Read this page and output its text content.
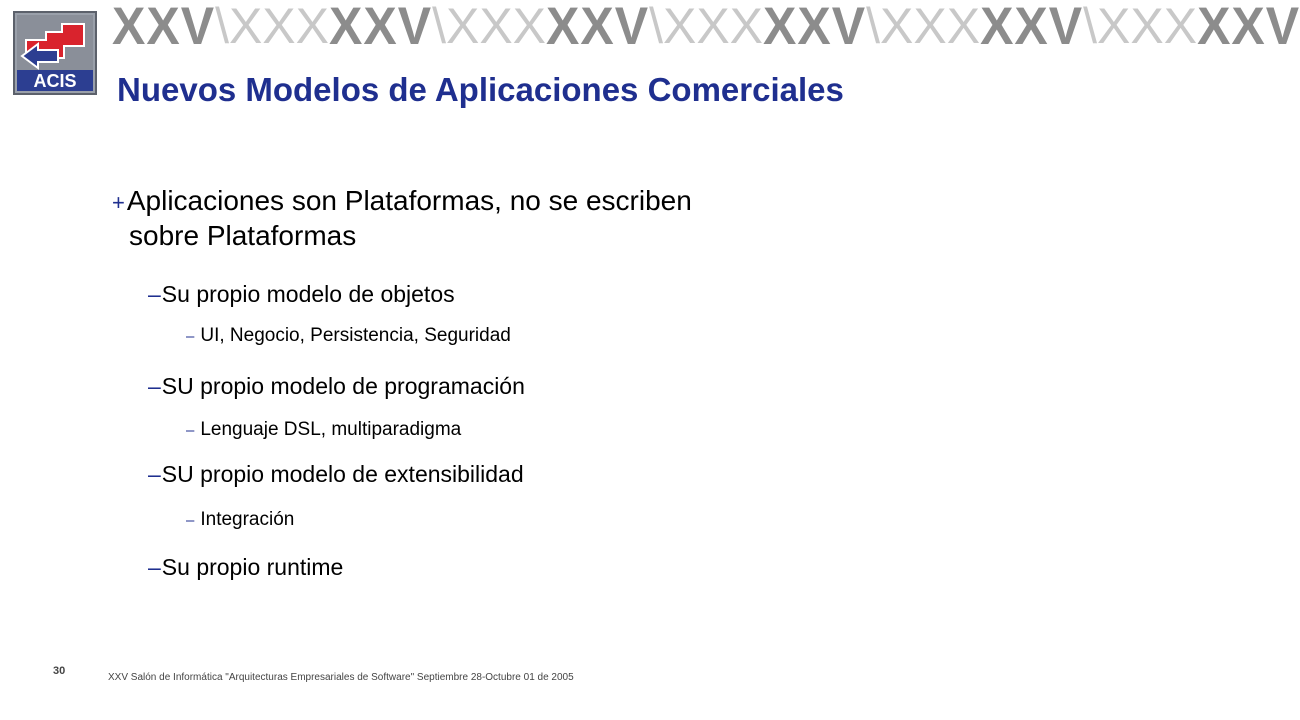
XXV \XXX XXV \XXX XXV \XXX XXV \XXX XXV \XXX XXV
ACIS Nuevos Modelos de Aplicaciones Comerciales
+Aplicaciones son Plataformas, no se escriben
sobre Plataformas
–Su propio modelo de objetos
– UI, Negocio, Persistencia, Seguridad
–SU propio modelo de programación
– Lenguaje DSL, multiparadigma
–SU propio modelo de extensibilidad
– Integración
–Su propio runtime
30
XXV Salón de Informática "Arquitecturas Empresariales de Software" Septiembre 28-Octubre 01 de 2005
